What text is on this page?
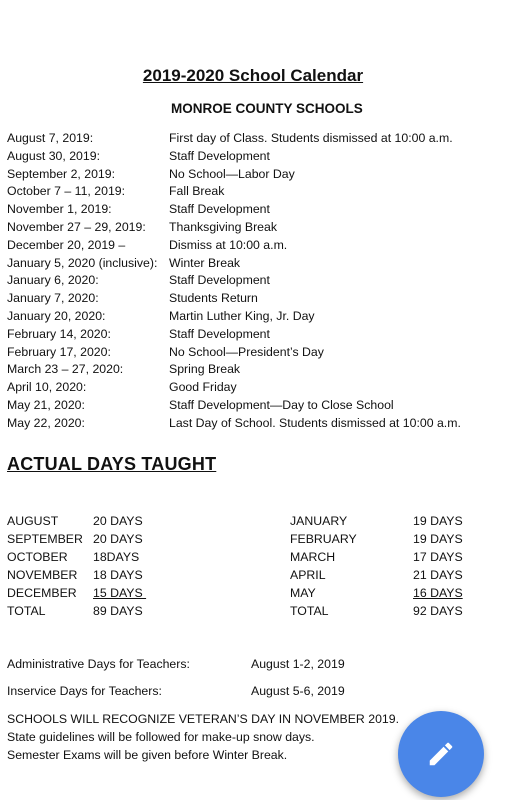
2019-2020 School Calendar
MONROE COUNTY SCHOOLS
August 7, 2019:	First day of Class. Students dismissed at 10:00 a.m.
August 30, 2019:	Staff Development
September 2, 2019:	No School—Labor Day
October 7 – 11, 2019:	Fall Break
November 1, 2019:	Staff Development
November 27 – 29, 2019: Thanksgiving Break
December 20, 2019 –	Dismiss at 10:00 a.m.
January 5, 2020 (inclusive): Winter Break
January 6, 2020:	Staff Development
January 7, 2020:	Students Return
January 20, 2020:	Martin Luther King, Jr. Day
February 14, 2020:	Staff Development
February 17, 2020:	No School—President’s Day
March 23 – 27, 2020:	Spring Break
April 10, 2020:	Good Friday
May 21, 2020:	Staff Development—Day to Close School
May 22, 2020:	Last Day of School. Students dismissed at 10:00 a.m.
ACTUAL DAYS TAUGHT
AUGUST	20 DAYS
SEPTEMBER 20 DAYS
OCTOBER 18DAYS
NOVEMBER 18 DAYS
DECEMBER 15 DAYS
TOTAL	89 DAYS
JANUARY	19 DAYS
FEBRUARY	19 DAYS
MARCH	17 DAYS
APRIL	21 DAYS
MAY	16 DAYS
TOTAL	92 DAYS
Administrative Days for Teachers:	August 1-2, 2019
Inservice Days for Teachers:	August 5-6, 2019
SCHOOLS WILL RECOGNIZE VETERAN’S DAY IN NOVEMBER 2019.
State guidelines will be followed for make-up snow days.
Semester Exams will be given before Winter Break.
